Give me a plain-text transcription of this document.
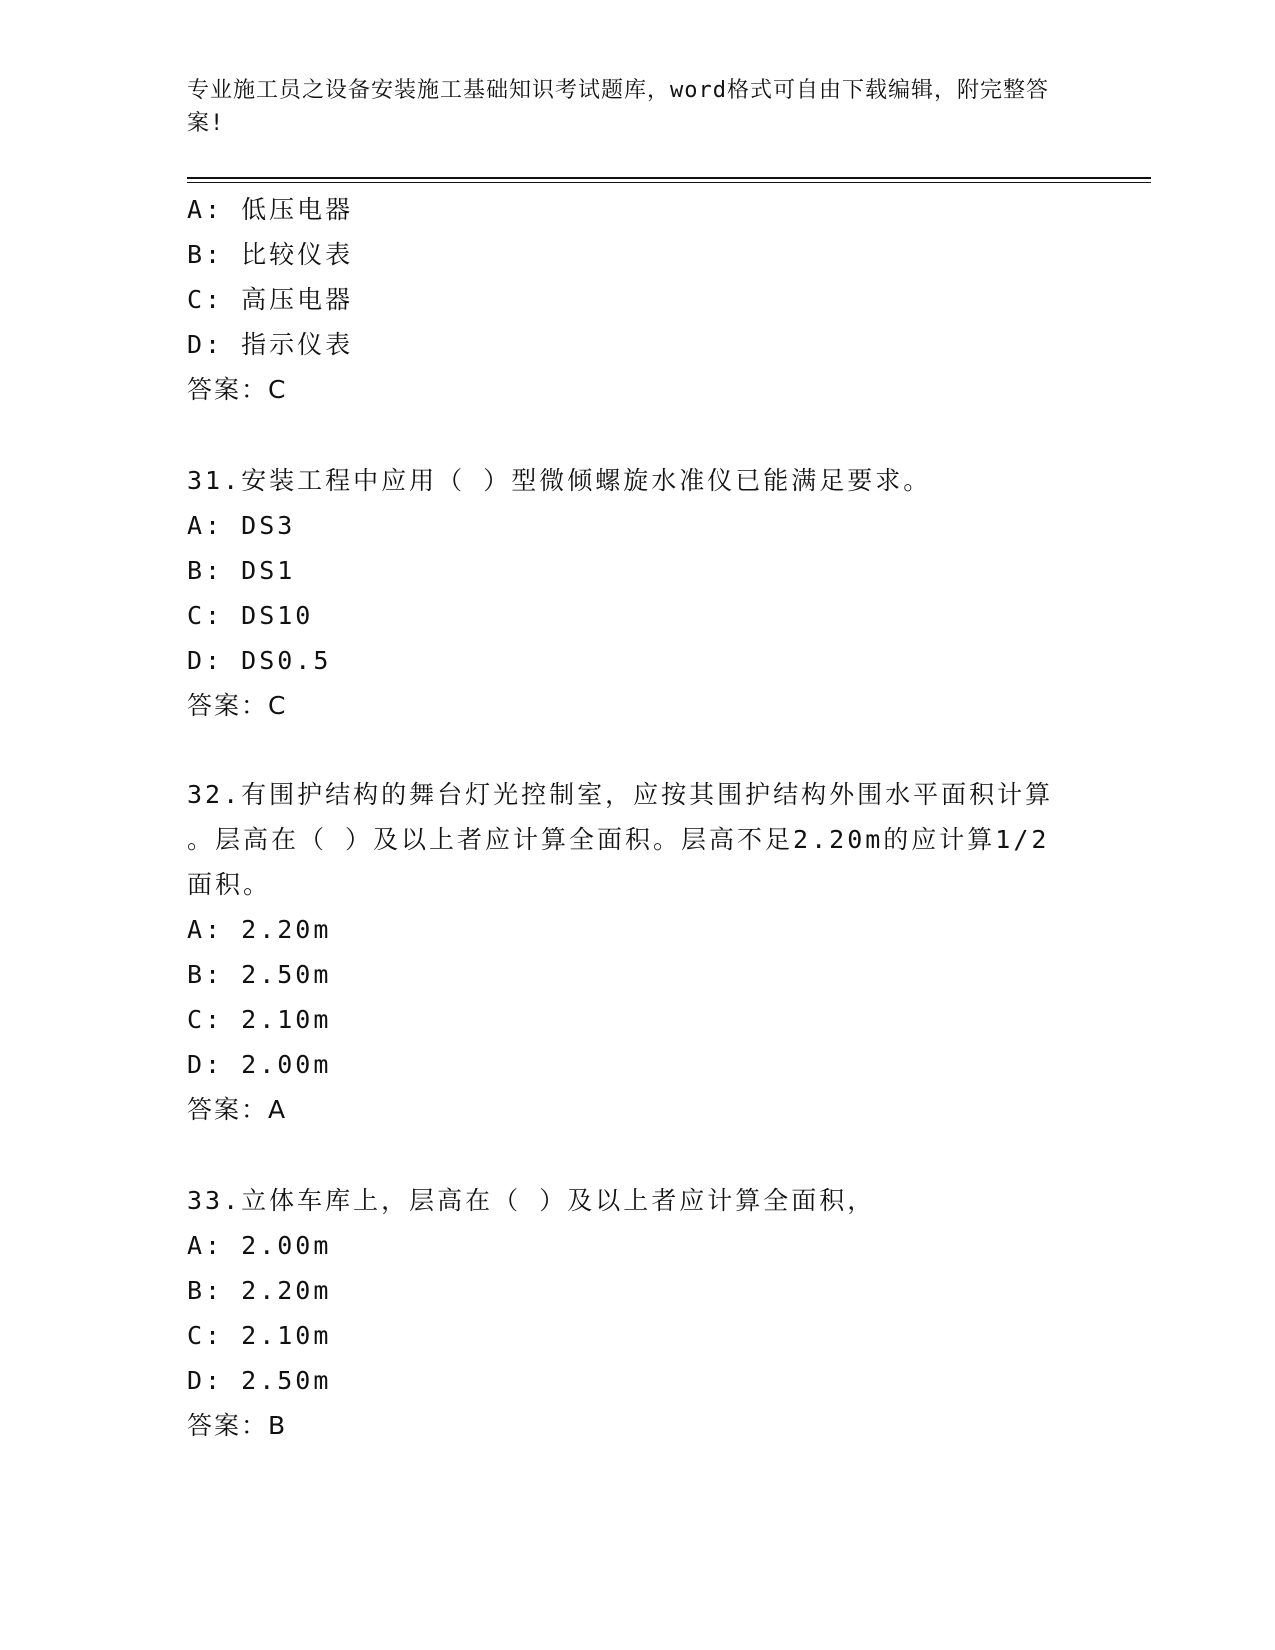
专业施工员之设备安装施工基础知识考试题库，word格式可自由下载编辑，附完整答案!
A: 低压电器
B: 比较仪表
C: 高压电器
D: 指示仪表
答案：C
31.安装工程中应用（ ）型微倾螺旋水准仪已能满足要求。
A: DS3
B: DS1
C: DS10
D: DS0.5
答案：C
32.有围护结构的舞台灯光控制室，应按其围护结构外围水平面积计算
。层高在（ ）及以上者应计算全面积。层高不足2.20m的应计算1/2
面积。
A: 2.20m
B: 2.50m
C: 2.10m
D: 2.00m
答案：A
33.立体车库上，层高在（ ）及以上者应计算全面积，
A: 2.00m
B: 2.20m
C: 2.10m
D: 2.50m
答案：B
